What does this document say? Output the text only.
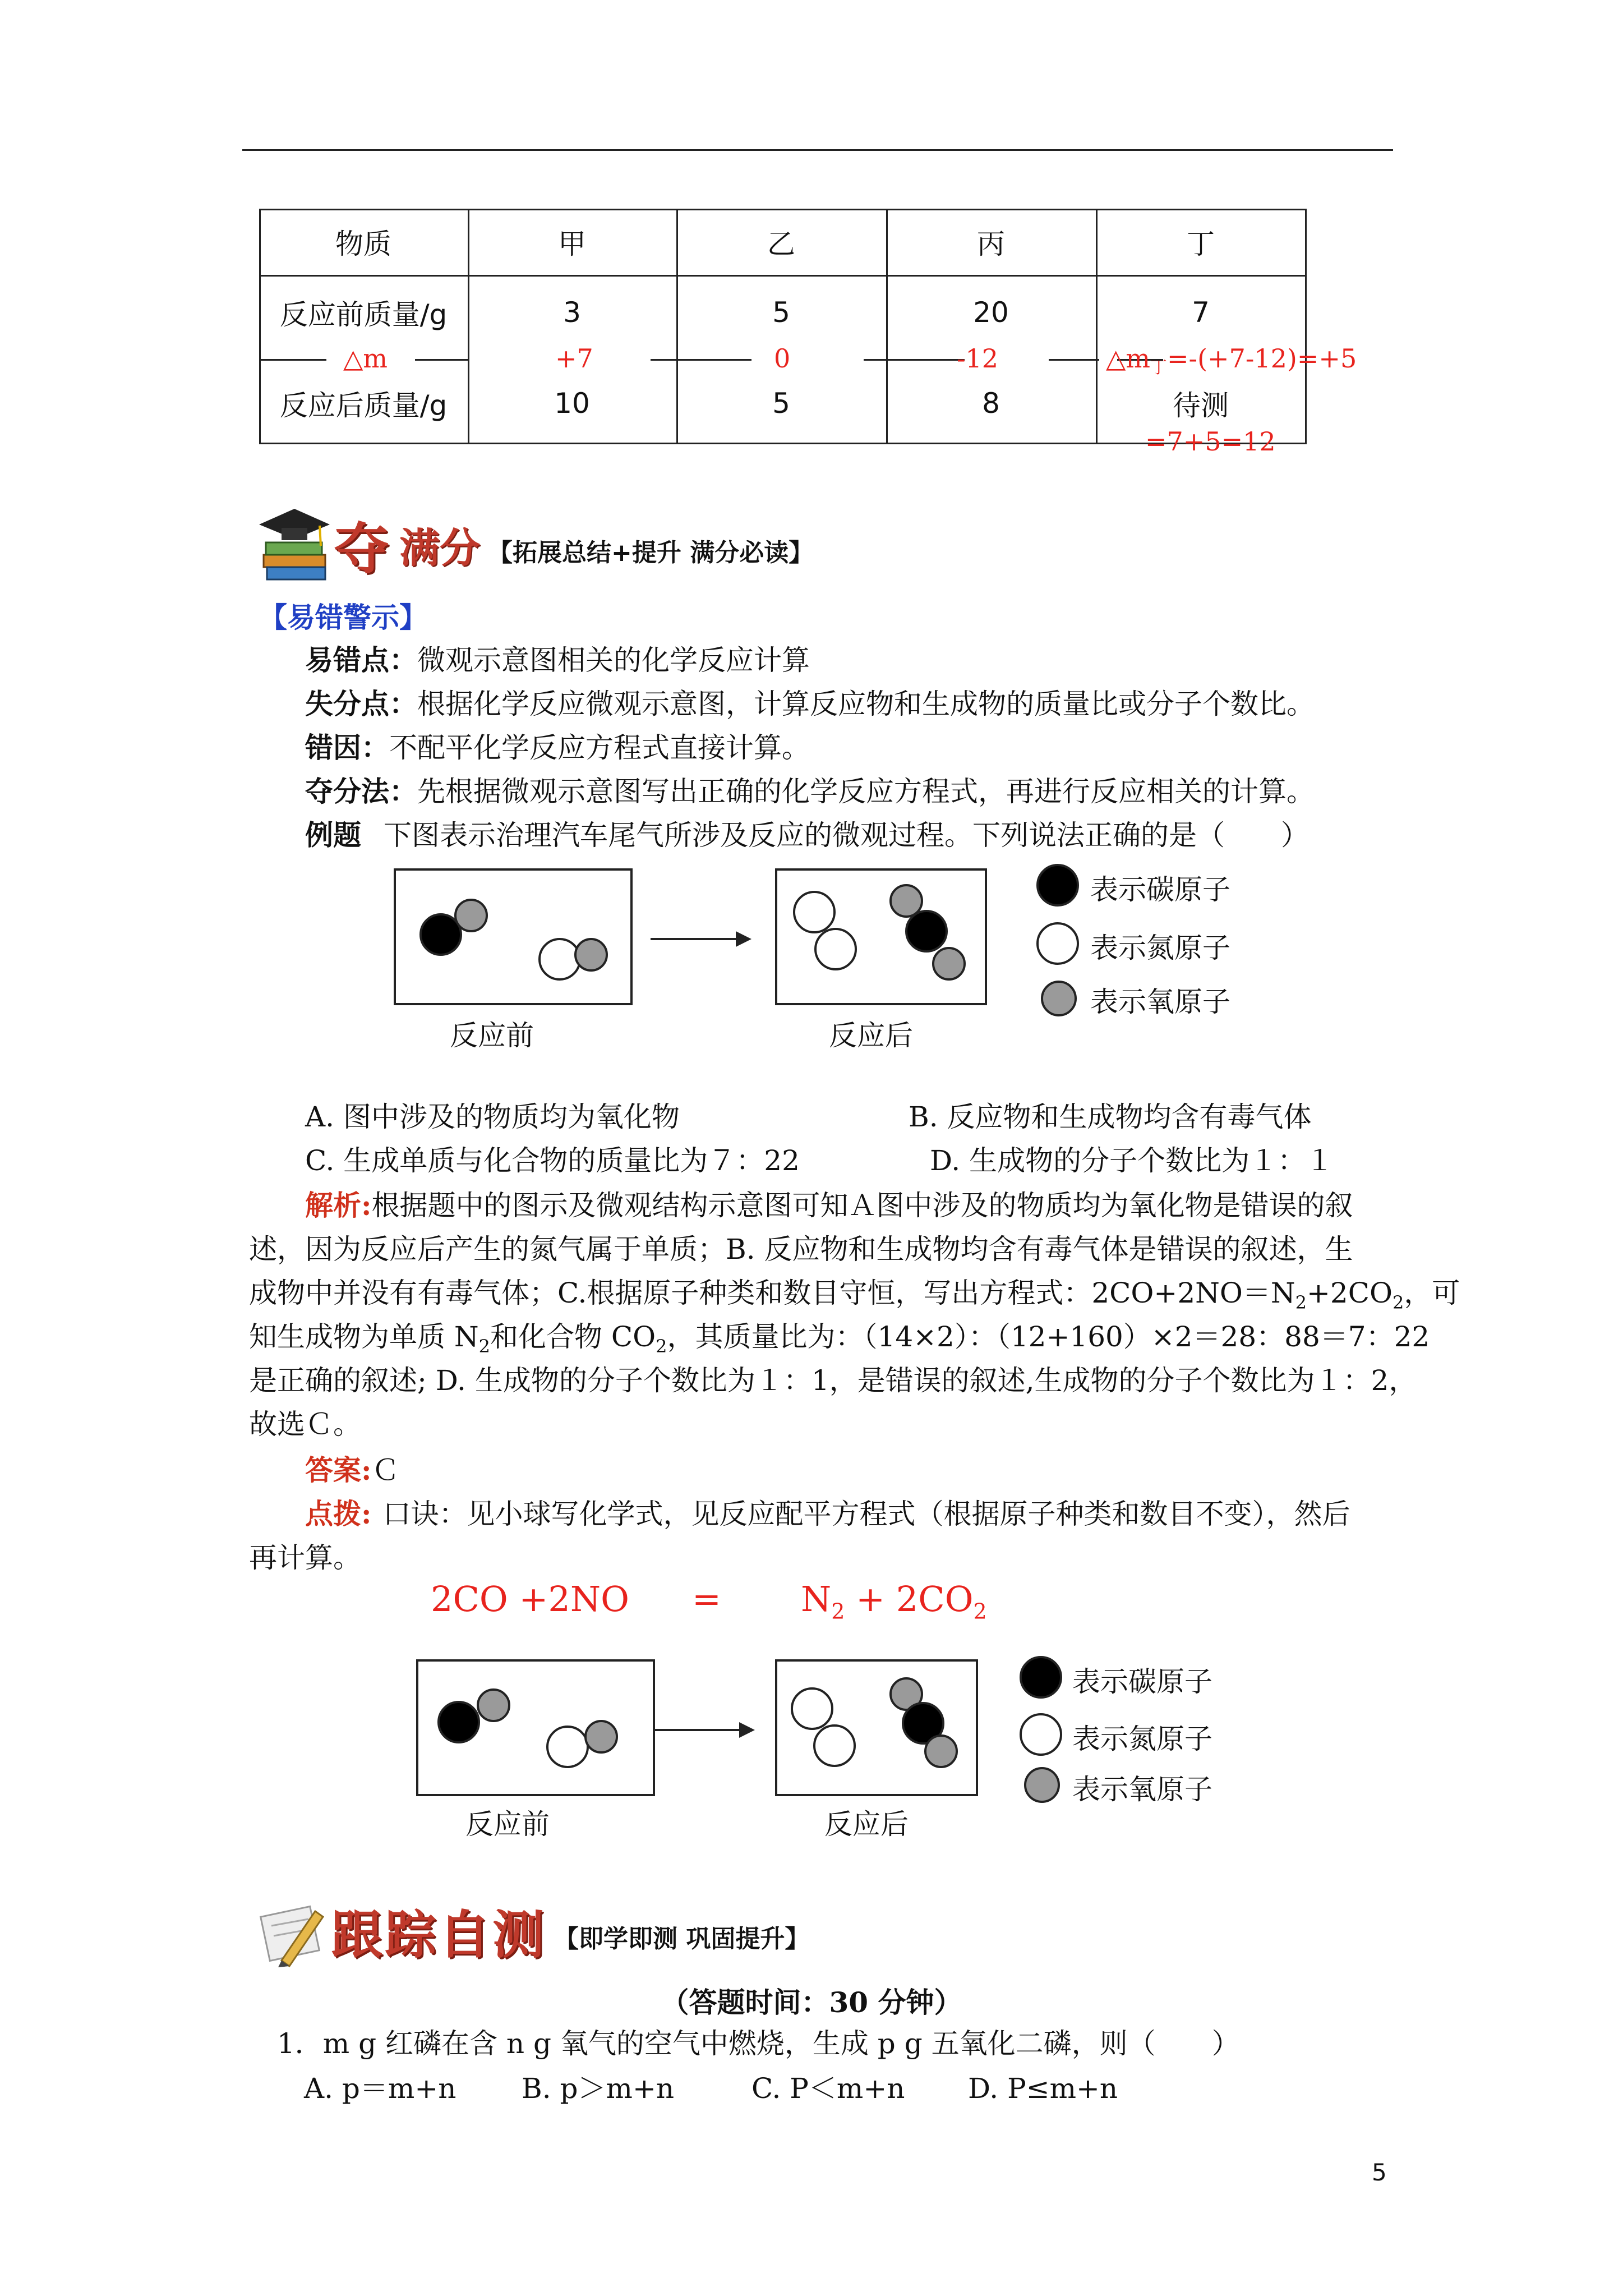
物质	甲	乙	丙	丁
反应前质量/g	3	5	20	7
反应后质量/g	10	5	8	待测
△m	+7	0	-12	$\triangle m_丁=-(+7-12)=+5$
=7+5=12
夺 满分 【拓展总结+提升 满分必读】
【易错警示】
易错点：微观示意图相关的化学反应计算
失分点：根据化学反应微观示意图，计算反应物和生成物的质量比或分子个数比。
错因：不配平化学反应方程式直接计算。
夺分法：先根据微观示意图写出正确的化学反应方程式，再进行反应相关的计算。
例题 下图表示治理汽车尾气所涉及反应的微观过程。下列说法正确的是（　　）
反应前	反应后
表示碳原子
表示氮原子
表示氧原子
A. 图中涉及的物质均为氧化物	B. 反应物和生成物均含有毒气体
C. 生成单质与化合物的质量比为７：22	D. 生成物的分子个数比为１：１
解析:根据题中的图示及微观结构示意图可知Ａ图中涉及的物质均为氧化物是错误的叙
述，因为反应后产生的氮气属于单质；B. 反应物和生成物均含有毒气体是错误的叙述，生
成物中并没有有毒气体；C.根据原子种类和数目守恒，写出方程式：$2CO+2NO=N_2+2CO_2$，可
知生成物为单质 $N_2$和化合物 $CO_2$，其质量比为：（14×2）：（12+160）×2＝28：88＝7：22
是正确的叙述; D. 生成物的分子个数比为１：1，是错误的叙述,生成物的分子个数比为１：2，
故选Ｃ。
答案:Ｃ
点拨: 口诀：见小球写化学式，见反应配平方程式（根据原子种类和数目不变），然后
再计算。
$2CO +2NO = N_2 + 2CO_2$
反应前	反应后
表示碳原子
表示氮原子
表示氧原子
跟踪自测 【即学即测 巩固提升】
（答题时间：30 分钟）
1．m g 红磷在含 n g 氧气的空气中燃烧，生成 p g 五氧化二磷，则（　　）
A. p＝m+n B. p＞m+n	C. P＜m+n D. P≤m+n
5
